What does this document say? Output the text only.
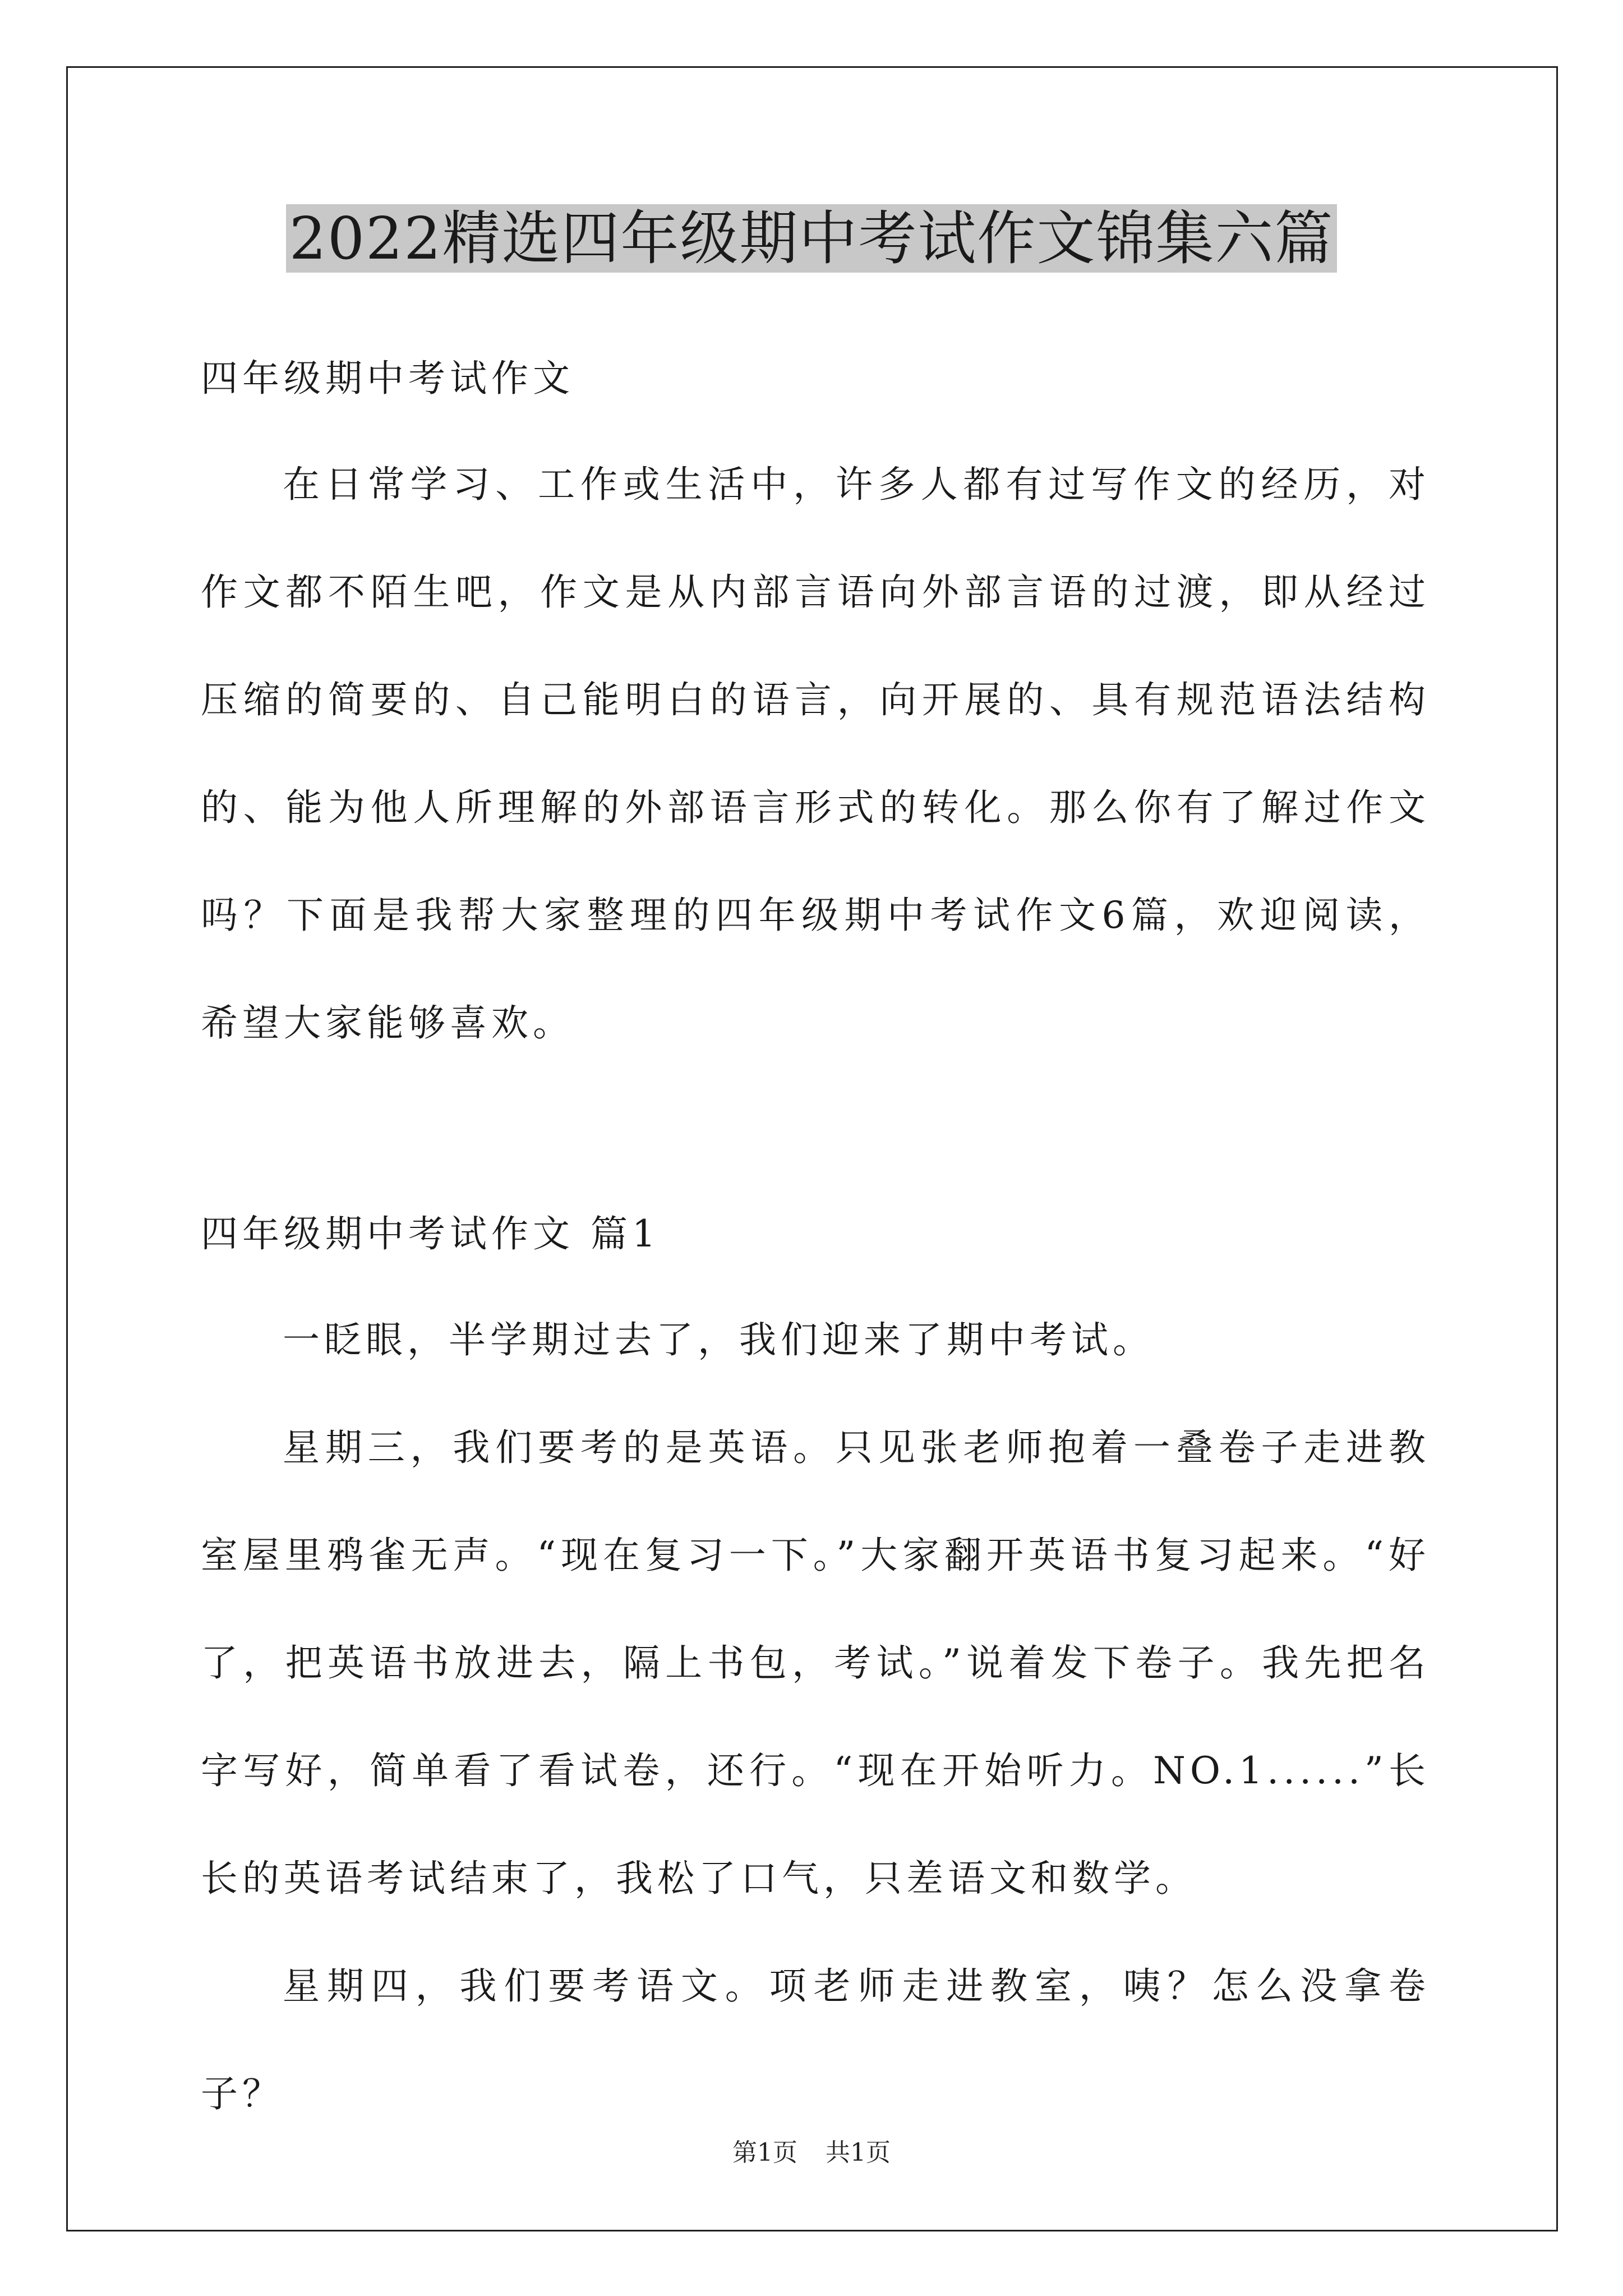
2022精选四年级期中考试作文锦集六篇
四年级期中考试作文

在日常学习、工作或生活中，许多人都有过写作文的经历，对作文都不陌生吧，作文是从内部言语向外部言语的过渡，即从经过压缩的简要的、自己能明白的语言，向开展的、具有规范语法结构的、能为他人所理解的外部语言形式的转化。那么你有了解过作文吗？下面是我帮大家整理的四年级期中考试作文6篇，欢迎阅读，希望大家能够喜欢。

四年级期中考试作文 篇1

一眨眼，半学期过去了，我们迎来了期中考试。

星期三，我们要考的是英语。只见张老师抱着一叠卷子走进教室屋里鸦雀无声。“现在复习一下。”大家翻开英语书复习起来。“好了，把英语书放进去，隔上书包，考试。”说着发下卷子。我先把名字写好，简单看了看试卷，还行。“现在开始听力。NO.1......”长长的英语考试结束了，我松了口气，只差语文和数学。

星期四，我们要考语文。项老师走进教室，咦？怎么没拿卷子？

第1页 共1页
